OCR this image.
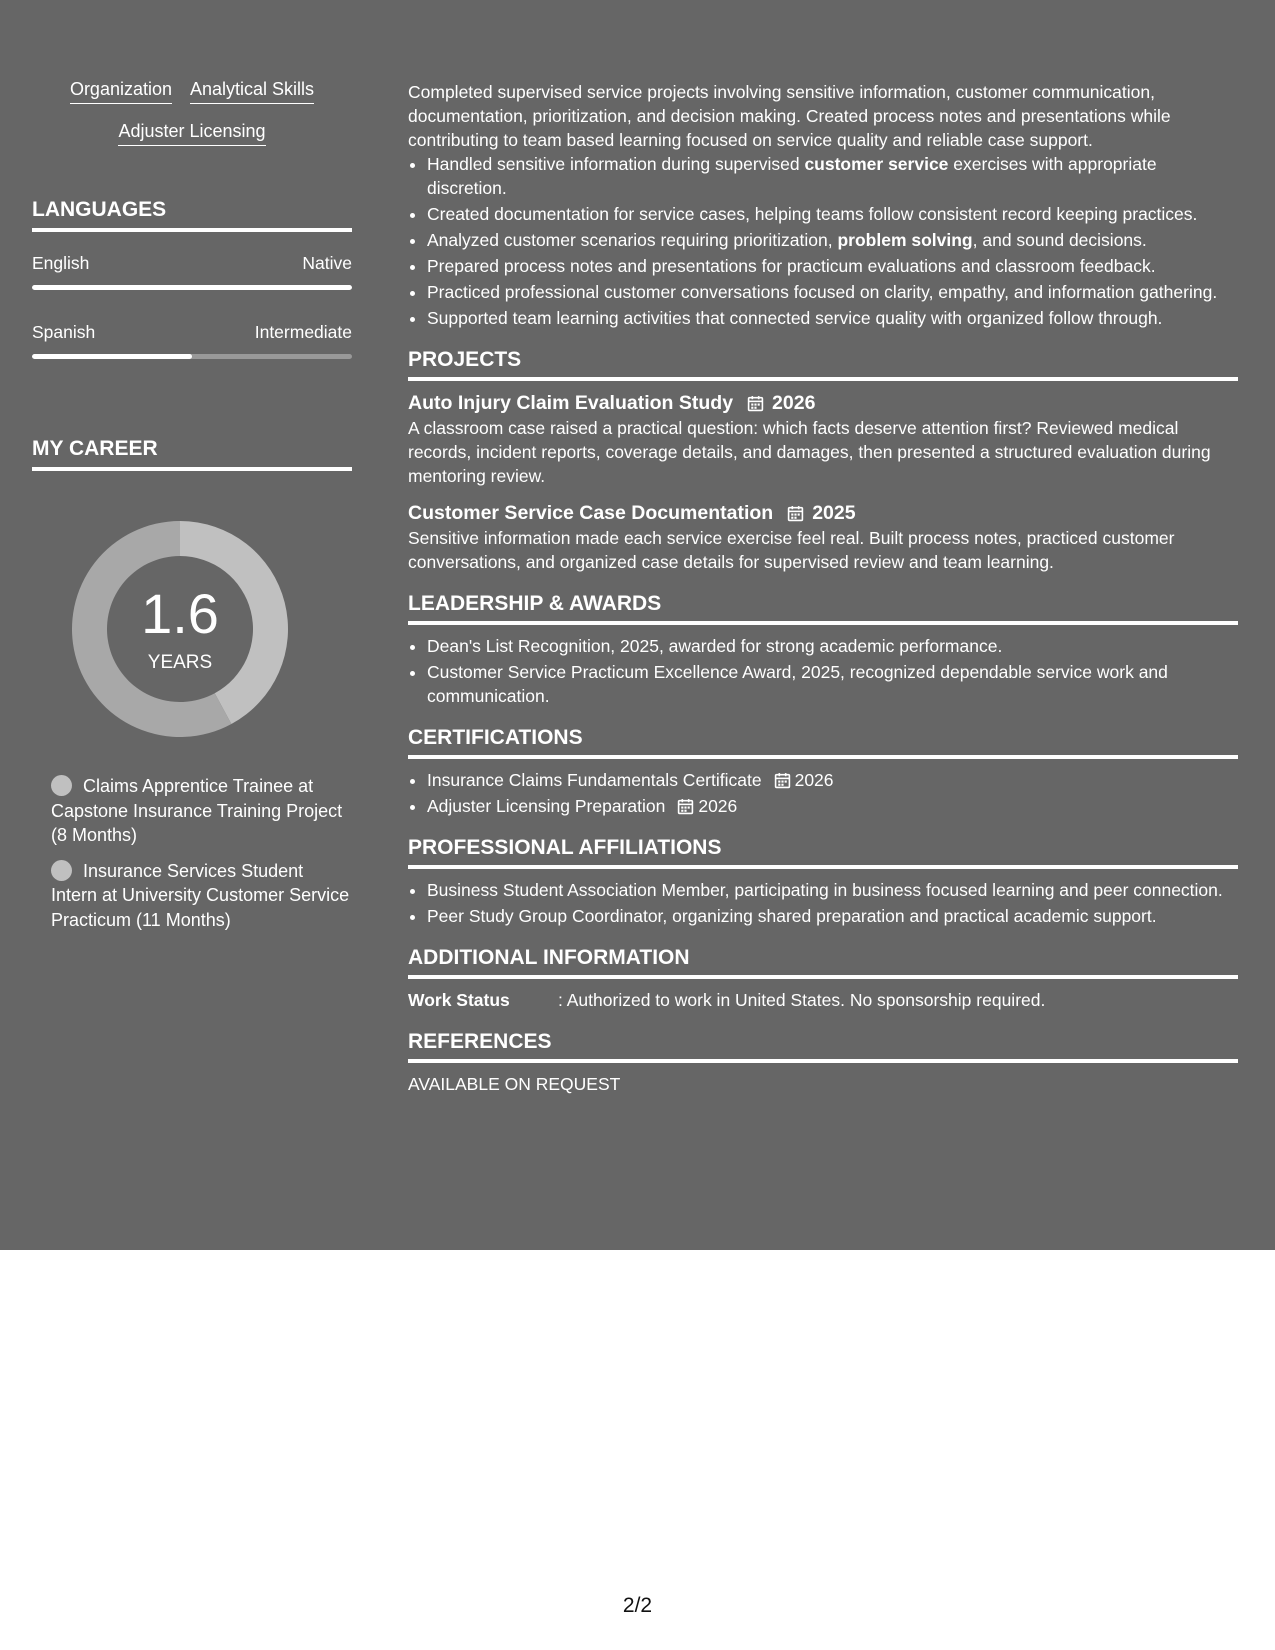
Organization Analytical Skills
Adjuster Licensing
LANGUAGES
English	Native
Spanish	Intermediate
MY CAREER
1.6
YEARS
Claims Apprentice Trainee at Capstone Insurance Training Project (8 Months)
Insurance Services Student Intern at University Customer Service Practicum (11 Months)

Completed supervised service projects involving sensitive information, customer communication, documentation, prioritization, and decision making. Created process notes and presentations while contributing to team based learning focused on service quality and reliable case support.

• Handled sensitive information during supervised customer service exercises with appropriate discretion.
• Created documentation for service cases, helping teams follow consistent record keeping practices.
• Analyzed customer scenarios requiring prioritization, problem solving, and sound decisions.
• Prepared process notes and presentations for practicum evaluations and classroom feedback.
• Practiced professional customer conversations focused on clarity, empathy, and information gathering.
• Supported team learning activities that connected service quality with organized follow through.
PROJECTS
Auto Injury Claim Evaluation Study 2026

A classroom case raised a practical question: which facts deserve attention first? Reviewed medical records, incident reports, coverage details, and damages, then presented a structured evaluation during mentoring review.

Customer Service Case Documentation 2025

Sensitive information made each service exercise feel real. Built process notes, practiced customer conversations, and organized case details for supervised review and team learning.

LEADERSHIP & AWARDS
• Dean's List Recognition, 2025, awarded for strong academic performance.
• Customer Service Practicum Excellence Award, 2025, recognized dependable service work and communication.
CERTIFICATIONS
• Insurance Claims Fundamentals Certificate 2026
• Adjuster Licensing Preparation 2026
PROFESSIONAL AFFILIATIONS
• Business Student Association Member, participating in business focused learning and peer connection.
• Peer Study Group Coordinator, organizing shared preparation and practical academic support.
ADDITIONAL INFORMATION
Work Status	: Authorized to work in United States. No sponsorship required.
REFERENCES

AVAILABLE ON REQUEST

2/2
